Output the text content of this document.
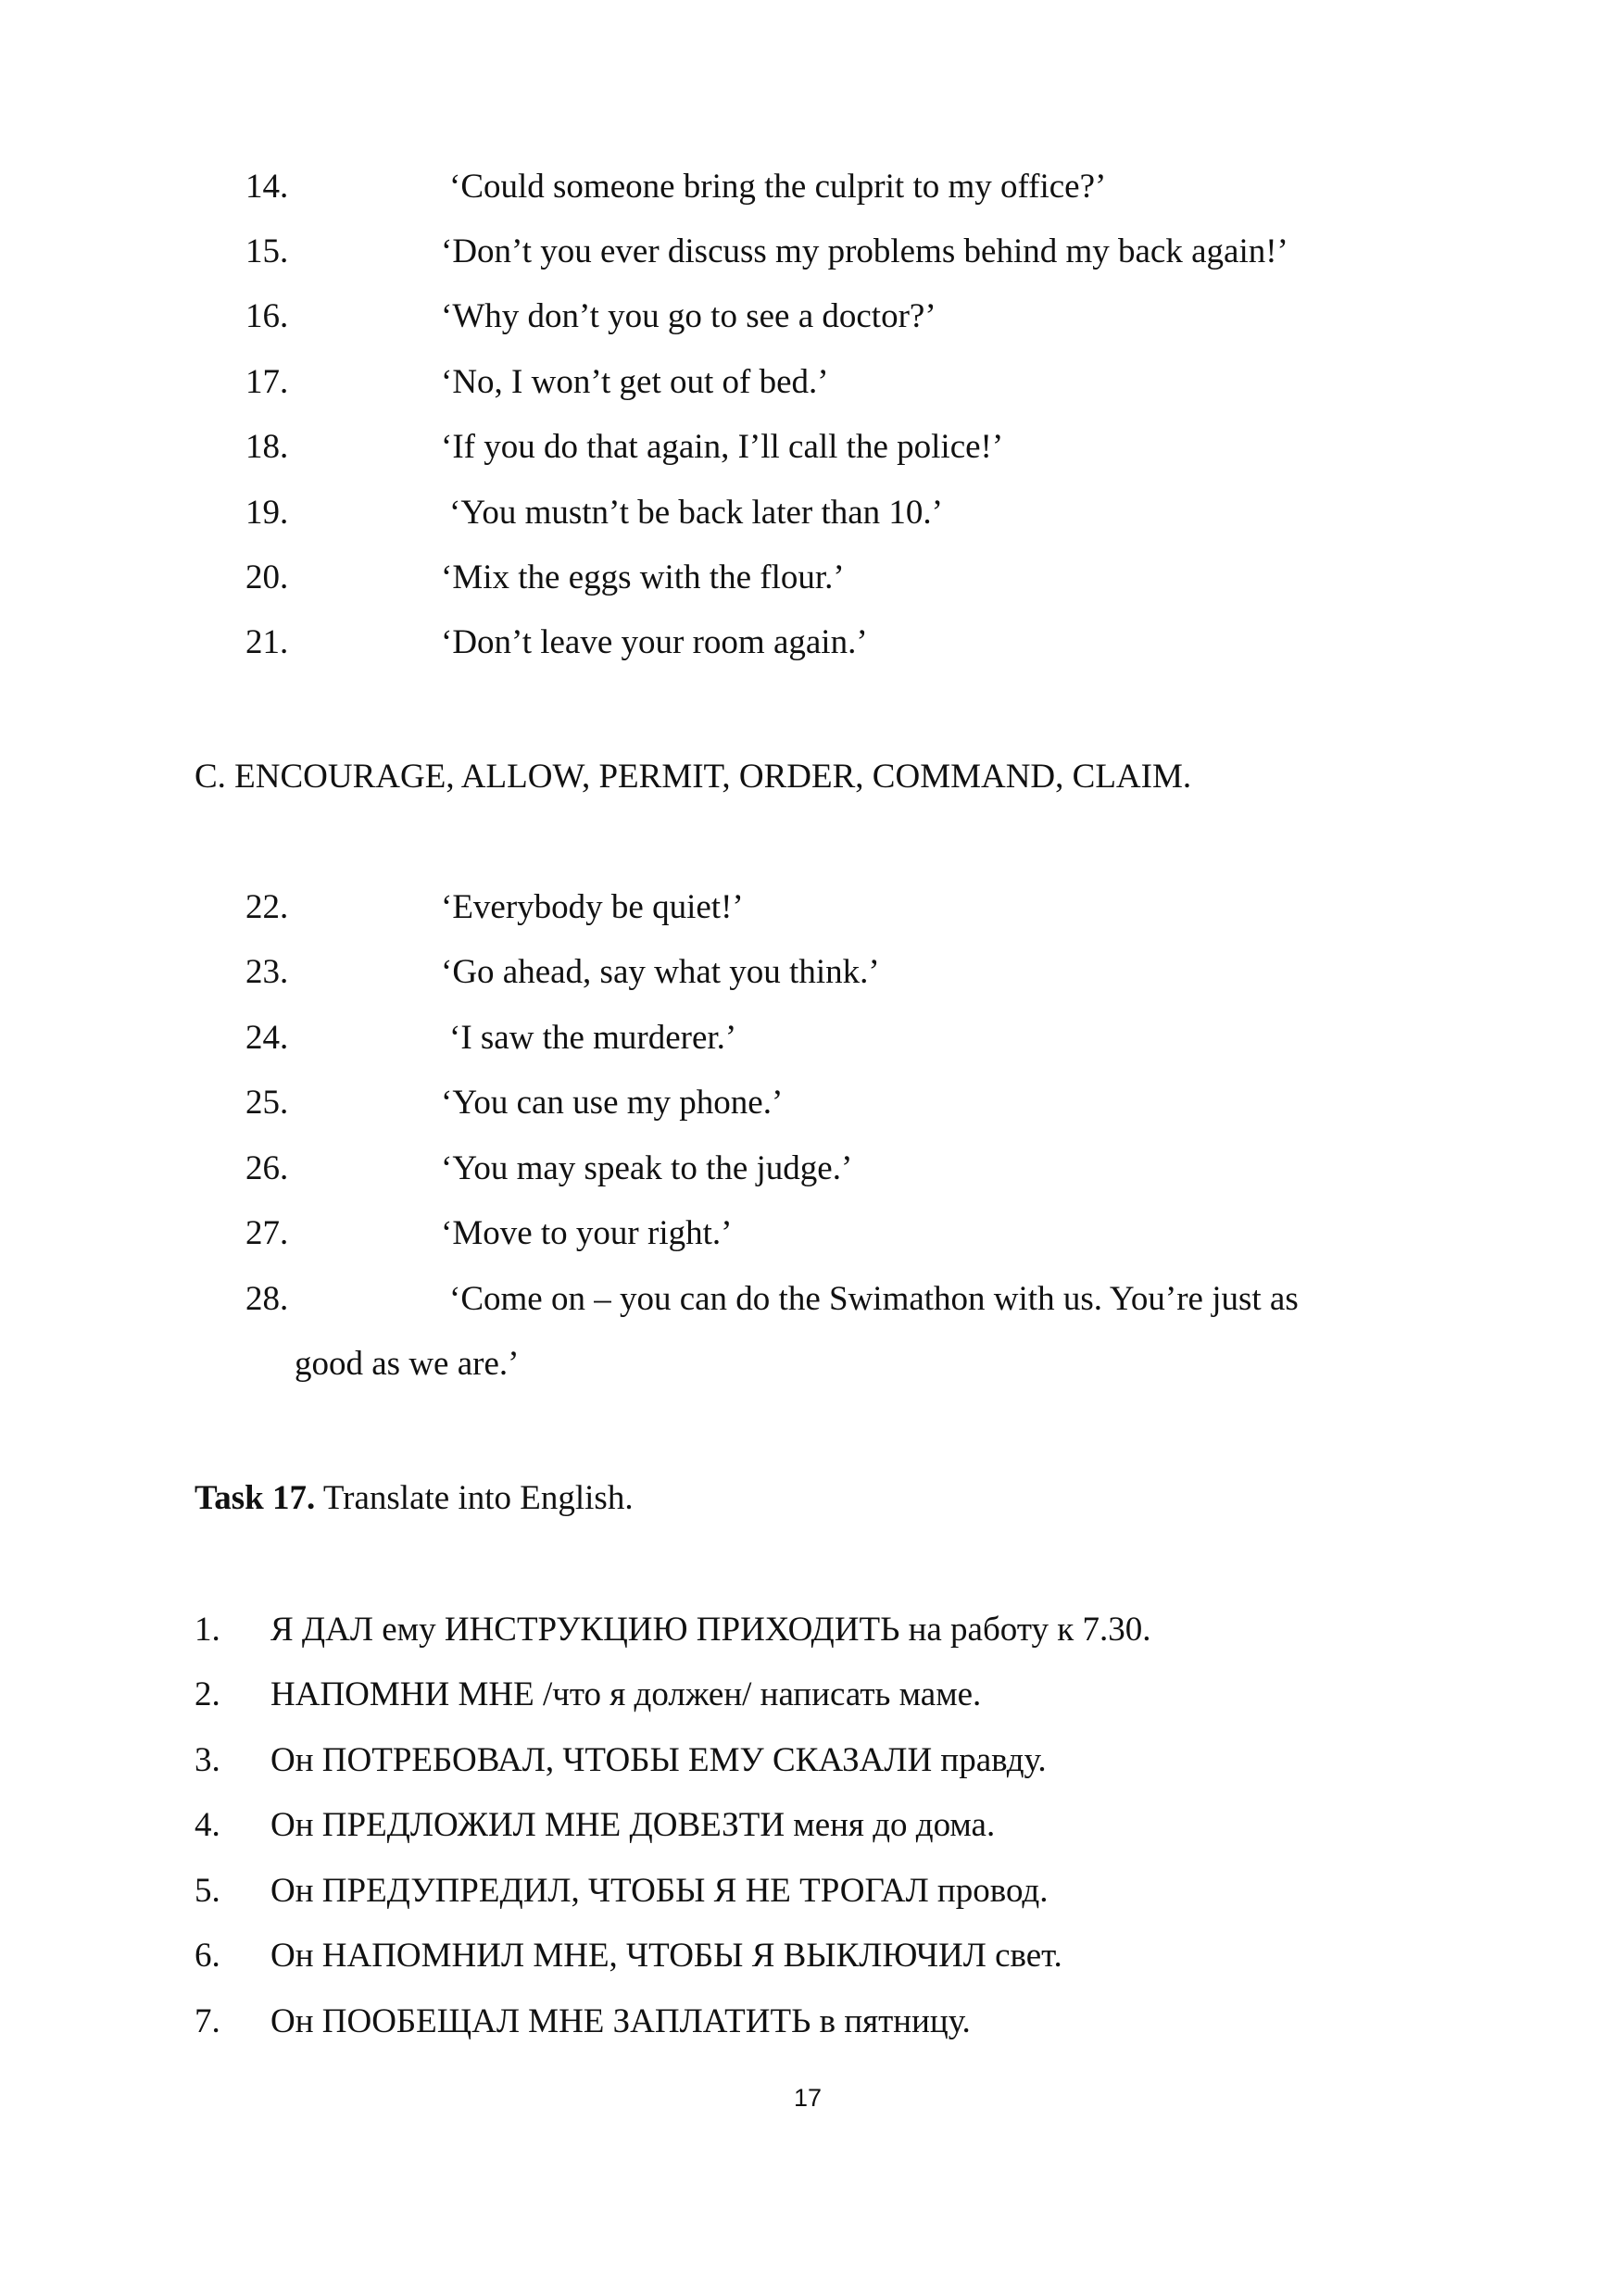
14.	‘Could someone bring the culprit to my office?’
15.	‘Don’t you ever discuss my problems behind my back again!’
16.	‘Why don’t you go to see a doctor?’
17.	‘No, I won’t get out of bed.’
18.	‘If you do that again, I’ll call the police!’
19.	‘You mustn’t be back later than 10.’
20.	‘Mix the eggs with the flour.’
21.	‘Don’t leave your room again.’
C. ENCOURAGE, ALLOW, PERMIT, ORDER, COMMAND, CLAIM.
22.	‘Everybody be quiet!’
23.	‘Go ahead, say what you think.’
24.	‘I saw the murderer.’
25.	‘You can use my phone.’
26.	‘You may speak to the judge.’
27.	‘Move to your right.’
28.	‘Come on – you can do the Swimathon with us. You’re just as
good as we are.’
Task 17. Translate into English.
1. Я ДАЛ ему ИНСТРУКЦИЮ ПРИХОДИТЬ на работу к 7.30.
2. НАПОМНИ МНЕ /что я должен/ написать маме.
3. Он ПОТРЕБОВАЛ, ЧТОБЫ ЕМУ СКАЗАЛИ правду.
4. Он ПРЕДЛОЖИЛ МНЕ ДОВЕЗТИ меня до дома.
5. Он ПРЕДУПРЕДИЛ, ЧТОБЫ Я НЕ ТРОГАЛ провод.
6. Он НАПОМНИЛ МНЕ, ЧТОБЫ Я ВЫКЛЮЧИЛ свет.
7. Он ПООБЕЩАЛ МНЕ ЗАПЛАТИТЬ в пятницу.
17
